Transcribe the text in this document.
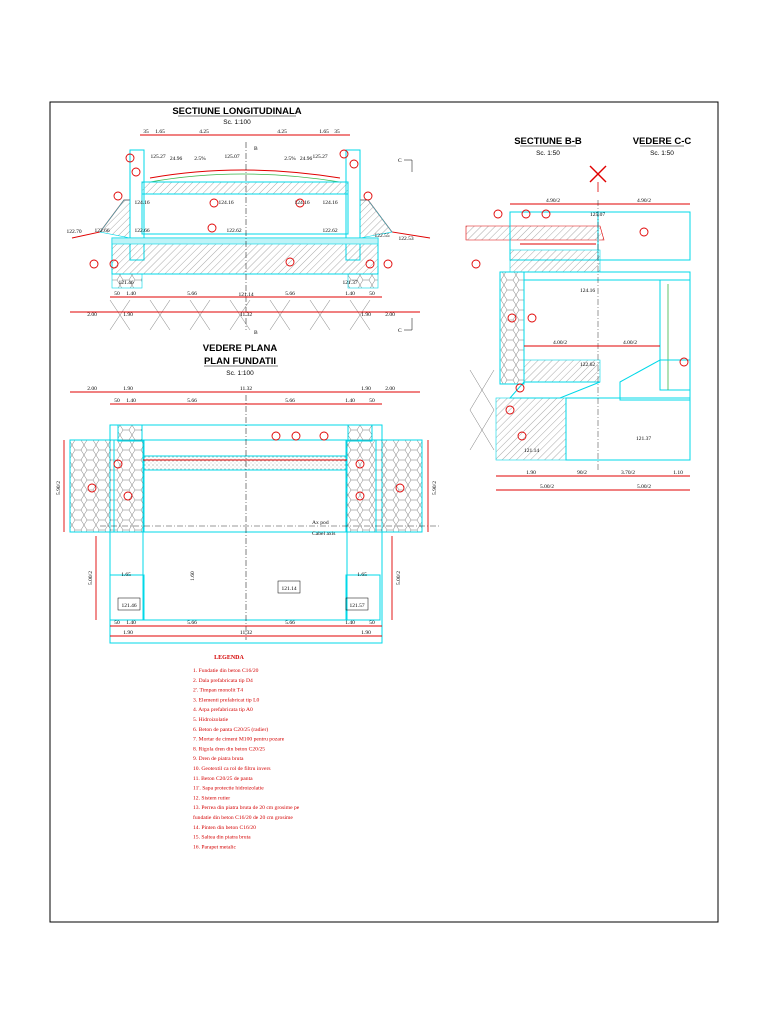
SECTIUNE LONGITUDINALA
Sc. 1:100
35 1.65	4.25	4.25	1.65 35
125.27 24.96 2.5%	125.07	2.5% 24.96 125.27
124.16	124.16	124.16 124.16
122.66	122.62	122.62
122.70 122.66
122.55 122.53
121.46
121.14
121.37
50 1.40	5.66	5.66	1.40	50
2.00	1.90	11.32	1.90	2.00
B
B
C
C
VEDERE PLANA
PLAN FUNDATII
Sc. 1:100
2.00	1.90	11.32	1.90	2.00
50 1.40	5.66	5.66	1.40	50
Ax pod
Cabel axis
121.46
121.14
121.57
5.90/2	5.90/2
5.00/2	5.00/2
1.65	1.65
1.60
50 1.40	5.66	5.66	1.40	50
1.90	11.32	1.90
SECTIUNE B-B
Sc. 1:50
VEDERE C-C
Sc. 1:50
4.90/2	4.90/2
125.07
124.16
122.62
121.14
121.37
4.00/2	4.00/2
1.90	90/2	3.70/2	1.10
5.00/2	5.00/2
LEGENDA
1. Fundatie din beton C16/20
2. Dala prefabricata tip D4
2'. Timpan monolit T4
3. Elementi prefabricat tip L0
4. Arpa prefabricata tip A0
5. Hidroizolatie
6. Beton de panta C20/25 (radier)
7. Mortar de ciment M100 pentru pozare
8. Rigola dren din beton C20/25
9. Dren de piatra bruta
10. Geotextil ca rol de filtru invers
11. Beton C20/25 de panta
11'. Sapa protectie hidroizolatie
12. Sistem rutier
13. Perrea din piatra bruta de 20 cm grosime pe
fundatie din beton C16/20 de 20 cm grosime
14. Pinten din beton C16/20
15. Saltea din piatra bruta
16. Parapet metalic
